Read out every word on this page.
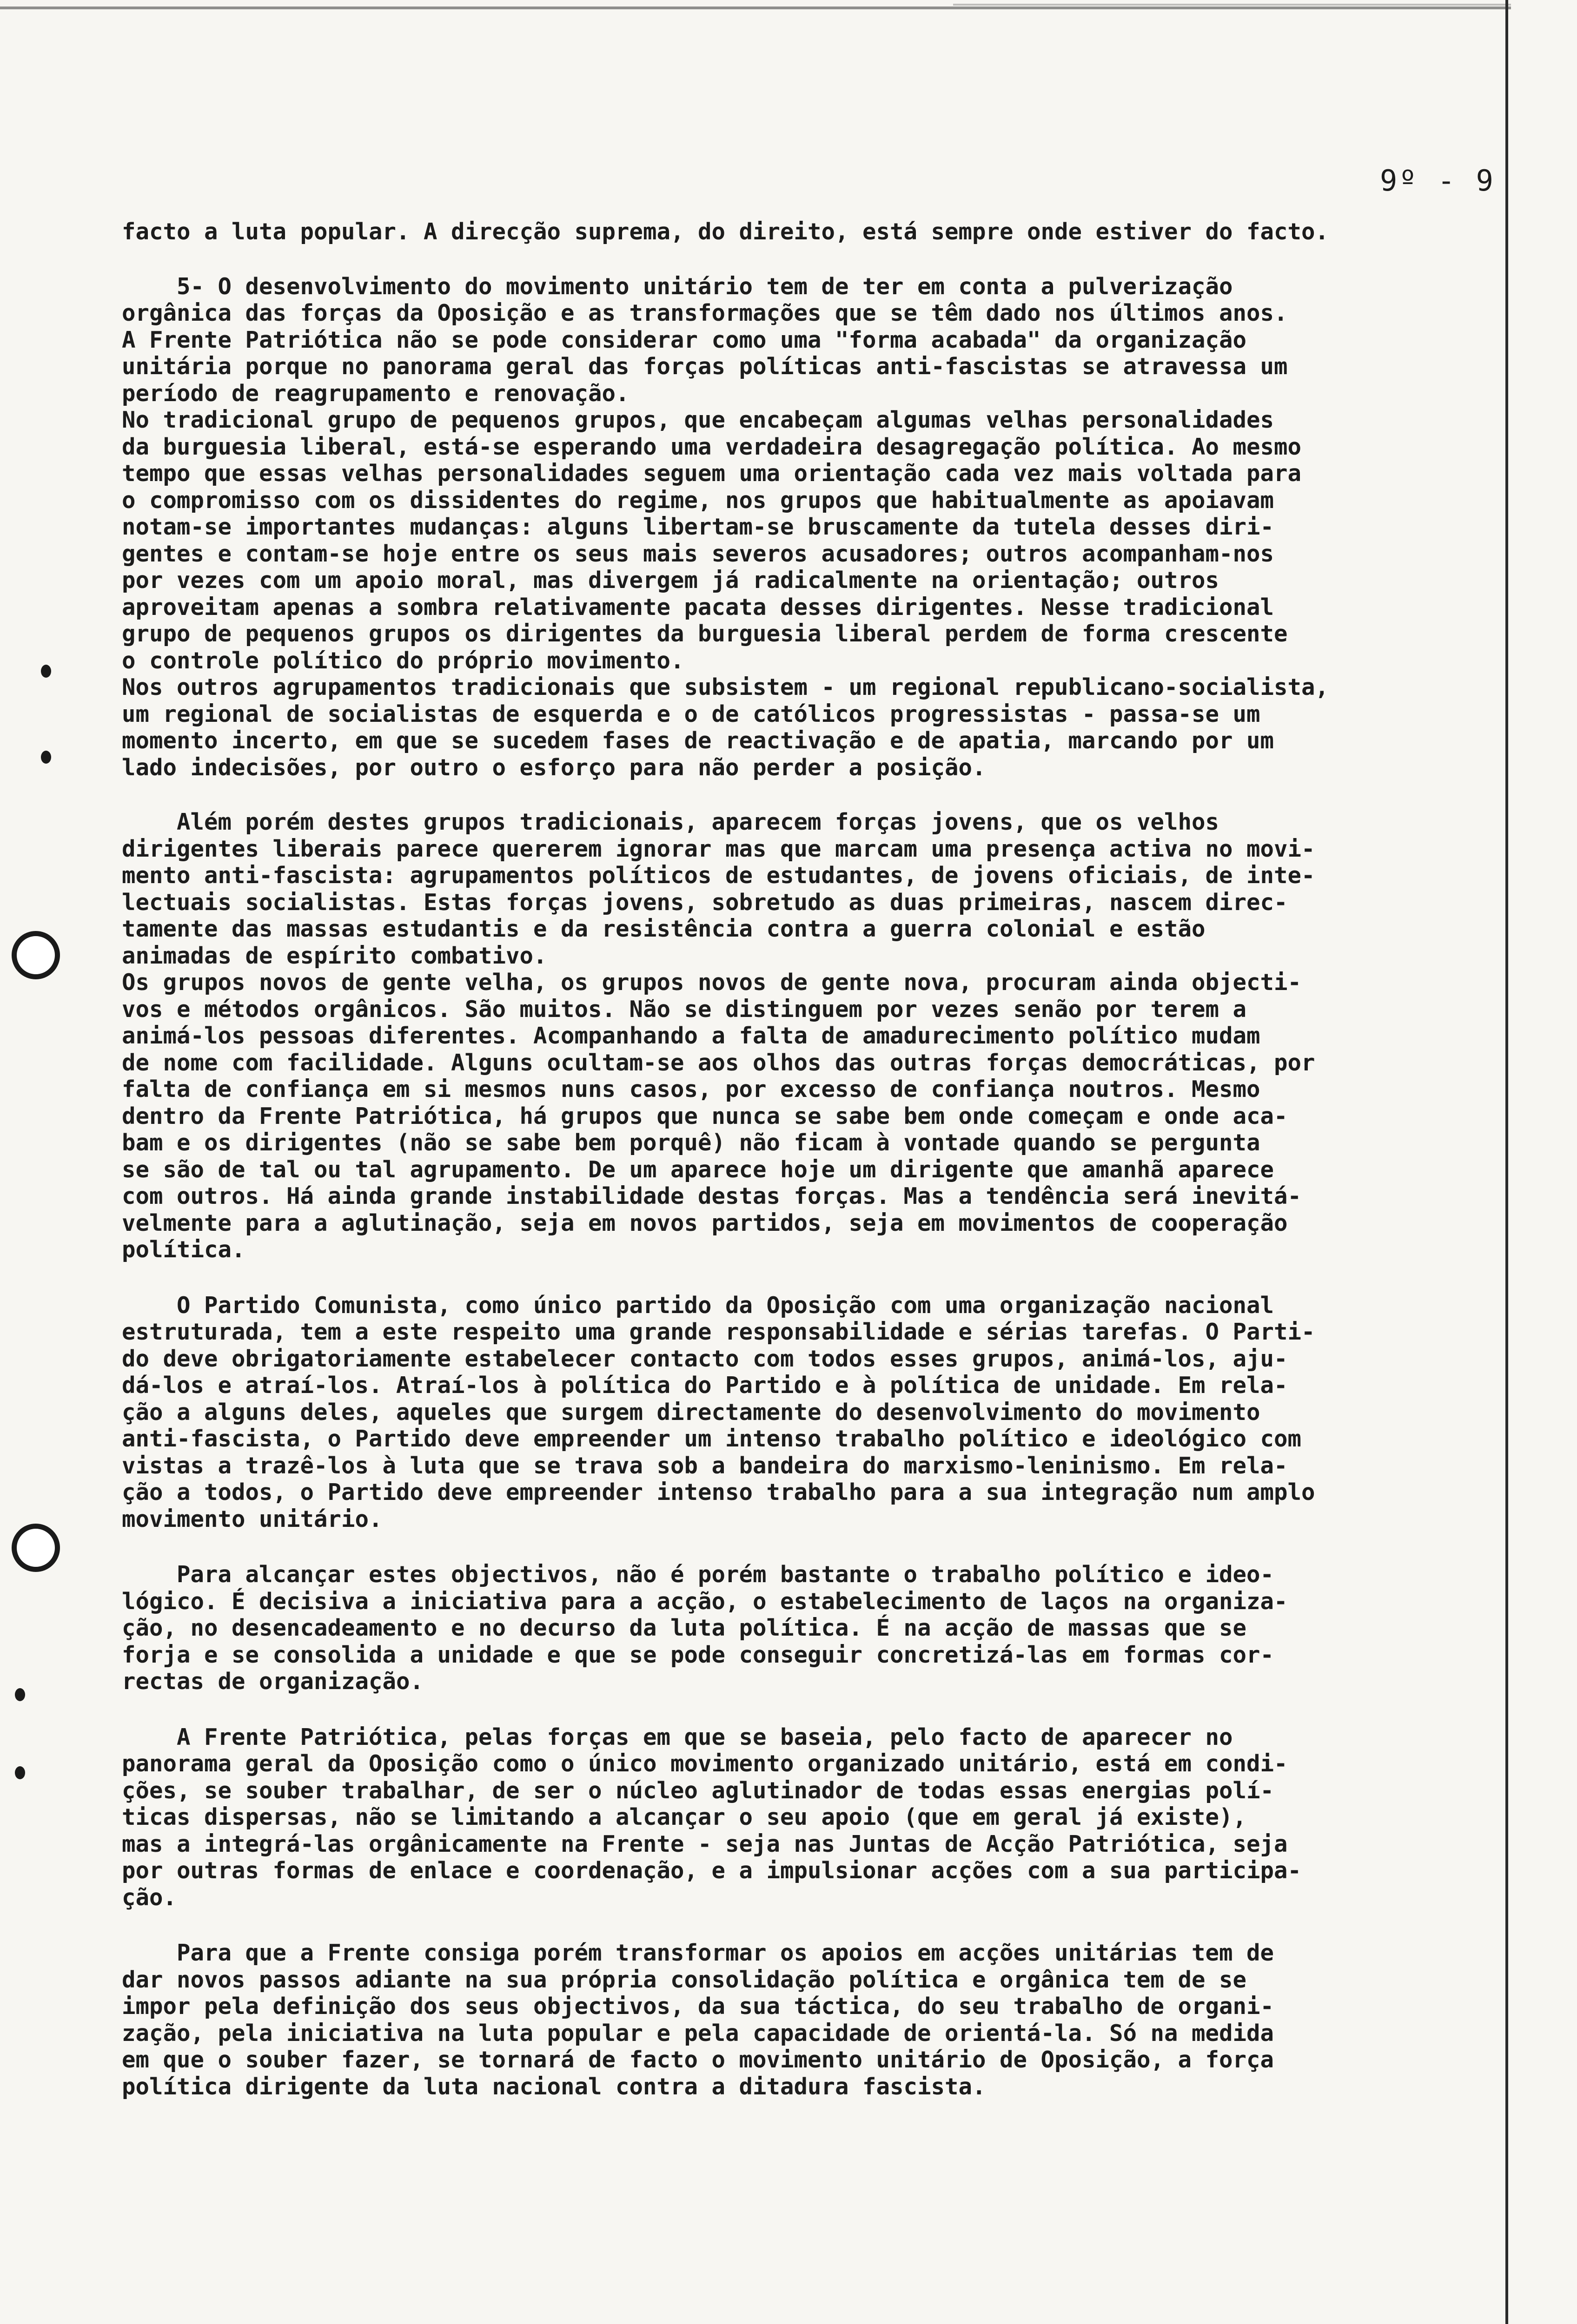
9º - 9

facto a luta popular. A direcção suprema, do direito, está sempre onde estiver do facto.

5- O desenvolvimento do movimento unitário tem de ter em conta a pulverização

orgânica das forças da Oposição e as transformações que se têm dado nos últimos anos.

A Frente Patriótica não se pode considerar como uma "forma acabada" da organização

unitária porque no panorama geral das forças políticas anti-fascistas se atravessa um

período de reagrupamento e renovação.

No tradicional grupo de pequenos grupos, que encabeçam algumas velhas personalidades

da burguesia liberal, está-se esperando uma verdadeira desagregação política. Ao mesmo

tempo que essas velhas personalidades seguem uma orientação cada vez mais voltada para

o compromisso com os dissidentes do regime, nos grupos que habitualmente as apoiavam

notam-se importantes mudanças: alguns libertam-se bruscamente da tutela desses diri-

gentes e contam-se hoje entre os seus mais severos acusadores; outros acompanham-nos

por vezes com um apoio moral, mas divergem já radicalmente na orientação; outros

aproveitam apenas a sombra relativamente pacata desses dirigentes. Nesse tradicional

grupo de pequenos grupos os dirigentes da burguesia liberal perdem de forma crescente

o controle político do próprio movimento.

Nos outros agrupamentos tradicionais que subsistem - um regional republicano-socialista,

um regional de socialistas de esquerda e o de católicos progressistas - passa-se um

momento incerto, em que se sucedem fases de reactivação e de apatia, marcando por um

lado indecisões, por outro o esforço para não perder a posição.

Além porém destes grupos tradicionais, aparecem forças jovens, que os velhos

dirigentes liberais parece quererem ignorar mas que marcam uma presença activa no movi-

mento anti-fascista: agrupamentos políticos de estudantes, de jovens oficiais, de inte-

lectuais socialistas. Estas forças jovens, sobretudo as duas primeiras, nascem direc-

tamente das massas estudantis e da resistência contra a guerra colonial e estão

animadas de espírito combativo.

Os grupos novos de gente velha, os grupos novos de gente nova, procuram ainda objecti-

vos e métodos orgânicos. São muitos. Não se distinguem por vezes senão por terem a

animá-los pessoas diferentes. Acompanhando a falta de amadurecimento político mudam

de nome com facilidade. Alguns ocultam-se aos olhos das outras forças democráticas, por

falta de confiança em si mesmos nuns casos, por excesso de confiança noutros. Mesmo

dentro da Frente Patriótica, há grupos que nunca se sabe bem onde começam e onde aca-

bam e os dirigentes (não se sabe bem porquê) não ficam à vontade quando se pergunta

se são de tal ou tal agrupamento. De um aparece hoje um dirigente que amanhã aparece

com outros. Há ainda grande instabilidade destas forças. Mas a tendência será inevitá-

velmente para a aglutinação, seja em novos partidos, seja em movimentos de cooperação

política.

O Partido Comunista, como único partido da Oposição com uma organização nacional

estruturada, tem a este respeito uma grande responsabilidade e sérias tarefas. O Parti-

do deve obrigatoriamente estabelecer contacto com todos esses grupos, animá-los, aju-

dá-los e atraí-los. Atraí-los à política do Partido e à política de unidade. Em rela-

ção a alguns deles, aqueles que surgem directamente do desenvolvimento do movimento

anti-fascista, o Partido deve empreender um intenso trabalho político e ideológico com

vistas a trazê-los à luta que se trava sob a bandeira do marxismo-leninismo. Em rela-

ção a todos, o Partido deve empreender intenso trabalho para a sua integração num amplo

movimento unitário.

Para alcançar estes objectivos, não é porém bastante o trabalho político e ideo-

lógico. É decisiva a iniciativa para a acção, o estabelecimento de laços na organiza-

ção, no desencadeamento e no decurso da luta política. É na acção de massas que se

forja e se consolida a unidade e que se pode conseguir concretizá-las em formas cor-

rectas de organização.

A Frente Patriótica, pelas forças em que se baseia, pelo facto de aparecer no

panorama geral da Oposição como o único movimento organizado unitário, está em condi-

ções, se souber trabalhar, de ser o núcleo aglutinador de todas essas energias polí-

ticas dispersas, não se limitando a alcançar o seu apoio (que em geral já existe),

mas a integrá-las orgânicamente na Frente - seja nas Juntas de Acção Patriótica, seja

por outras formas de enlace e coordenação, e a impulsionar acções com a sua participa-

ção.

Para que a Frente consiga porém transformar os apoios em acções unitárias tem de

dar novos passos adiante na sua própria consolidação política e orgânica tem de se

impor pela definição dos seus objectivos, da sua táctica, do seu trabalho de organi-

zação, pela iniciativa na luta popular e pela capacidade de orientá-la. Só na medida

em que o souber fazer, se tornará de facto o movimento unitário de Oposição, a força

política dirigente da luta nacional contra a ditadura fascista.
